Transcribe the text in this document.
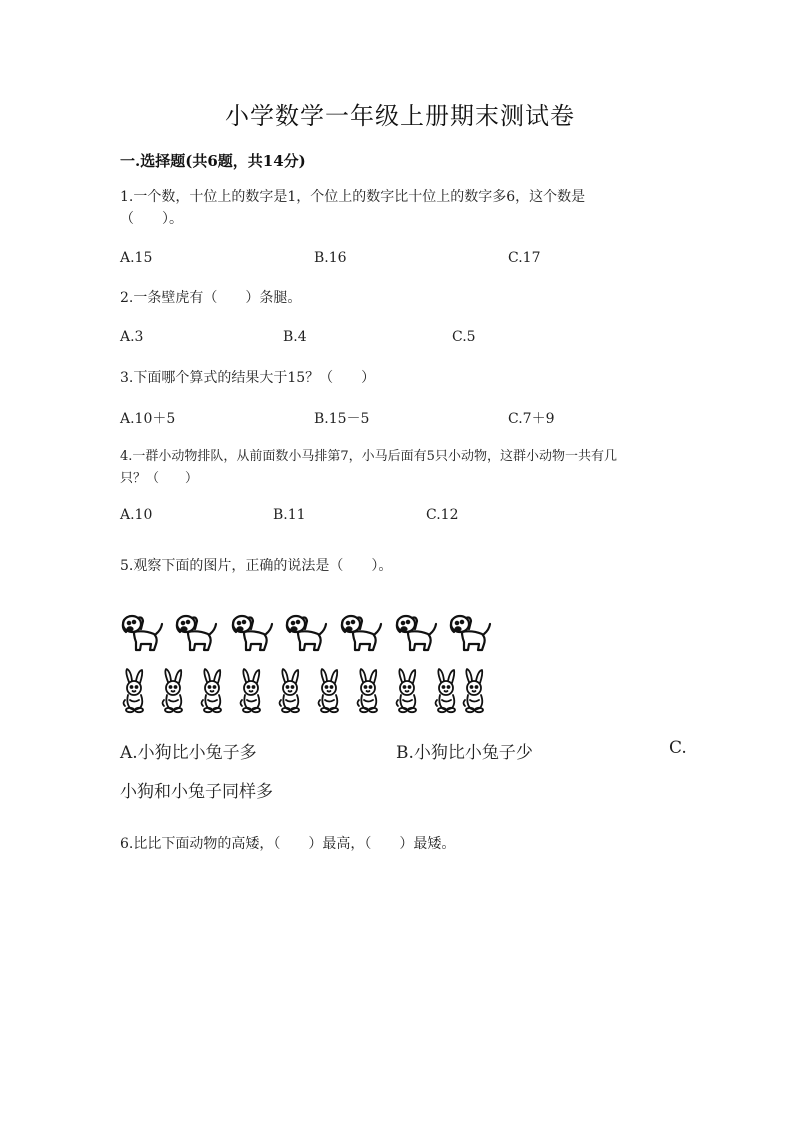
小学数学一年级上册期末测试卷
一.选择题(共6题，共14分)
1.一个数，十位上的数字是1，个位上的数字比十位上的数字多6，这个数是
（　　）。
A.15	B.16	C.17
2.一条壁虎有（　　）条腿。
A.3	B.4	C.5
3.下面哪个算式的结果大于15？（　　）
A.10＋5	B.15－5	C.7＋9
4.一群小动物排队，从前面数小马排第7，小马后面有5只小动物，这群小动物一共有几
只？（　　）
A.10	B.11	C.12
5.观察下面的图片，正确的说法是（　　）。
A.小狗比小兔子多	B.小狗比小兔子少	C.
小狗和小兔子同样多
6.比比下面动物的高矮，（　　）最高，（　　）最矮。
